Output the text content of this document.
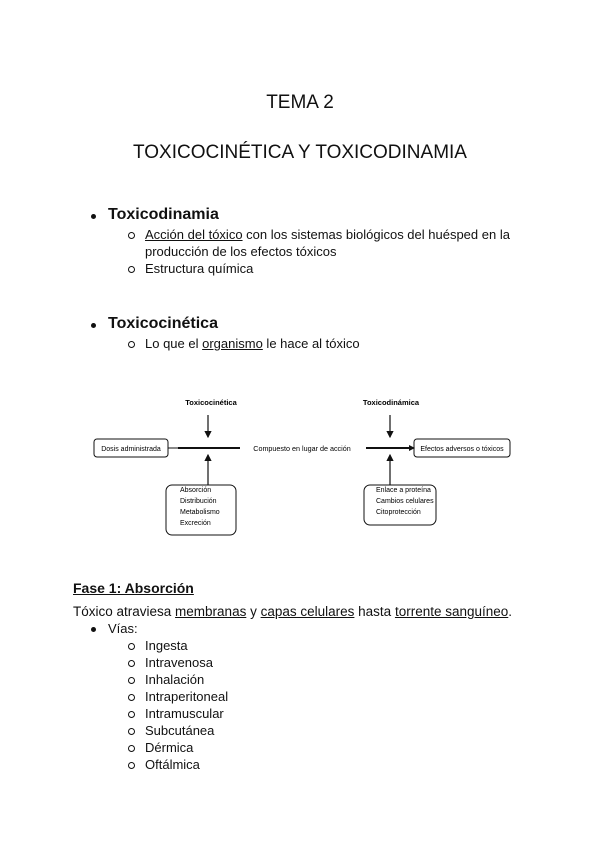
TEMA 2
TOXICOCINÉTICA Y TOXICODINAMIA
Toxicodinamia
Acción del tóxico con los sistemas biológicos del huésped en la
producción de los efectos tóxicos
Estructura química
Toxicocinética
Lo que el organismo le hace al tóxico
Toxicocinética	Toxicodinámica
Dosis administrada	Compuesto en lugar de acción	Efectos adversos o tóxicos
Absorción
Distribución
Metabolismo
Excreción
Enlace a proteína
Cambios celulares
Citoprotección
Fase 1: Absorción
Tóxico atraviesa membranas y capas celulares hasta torrente sanguíneo.
Vías:
Ingesta
Intravenosa
Inhalación
Intraperitoneal
Intramuscular
Subcutánea
Dérmica
Oftálmica
